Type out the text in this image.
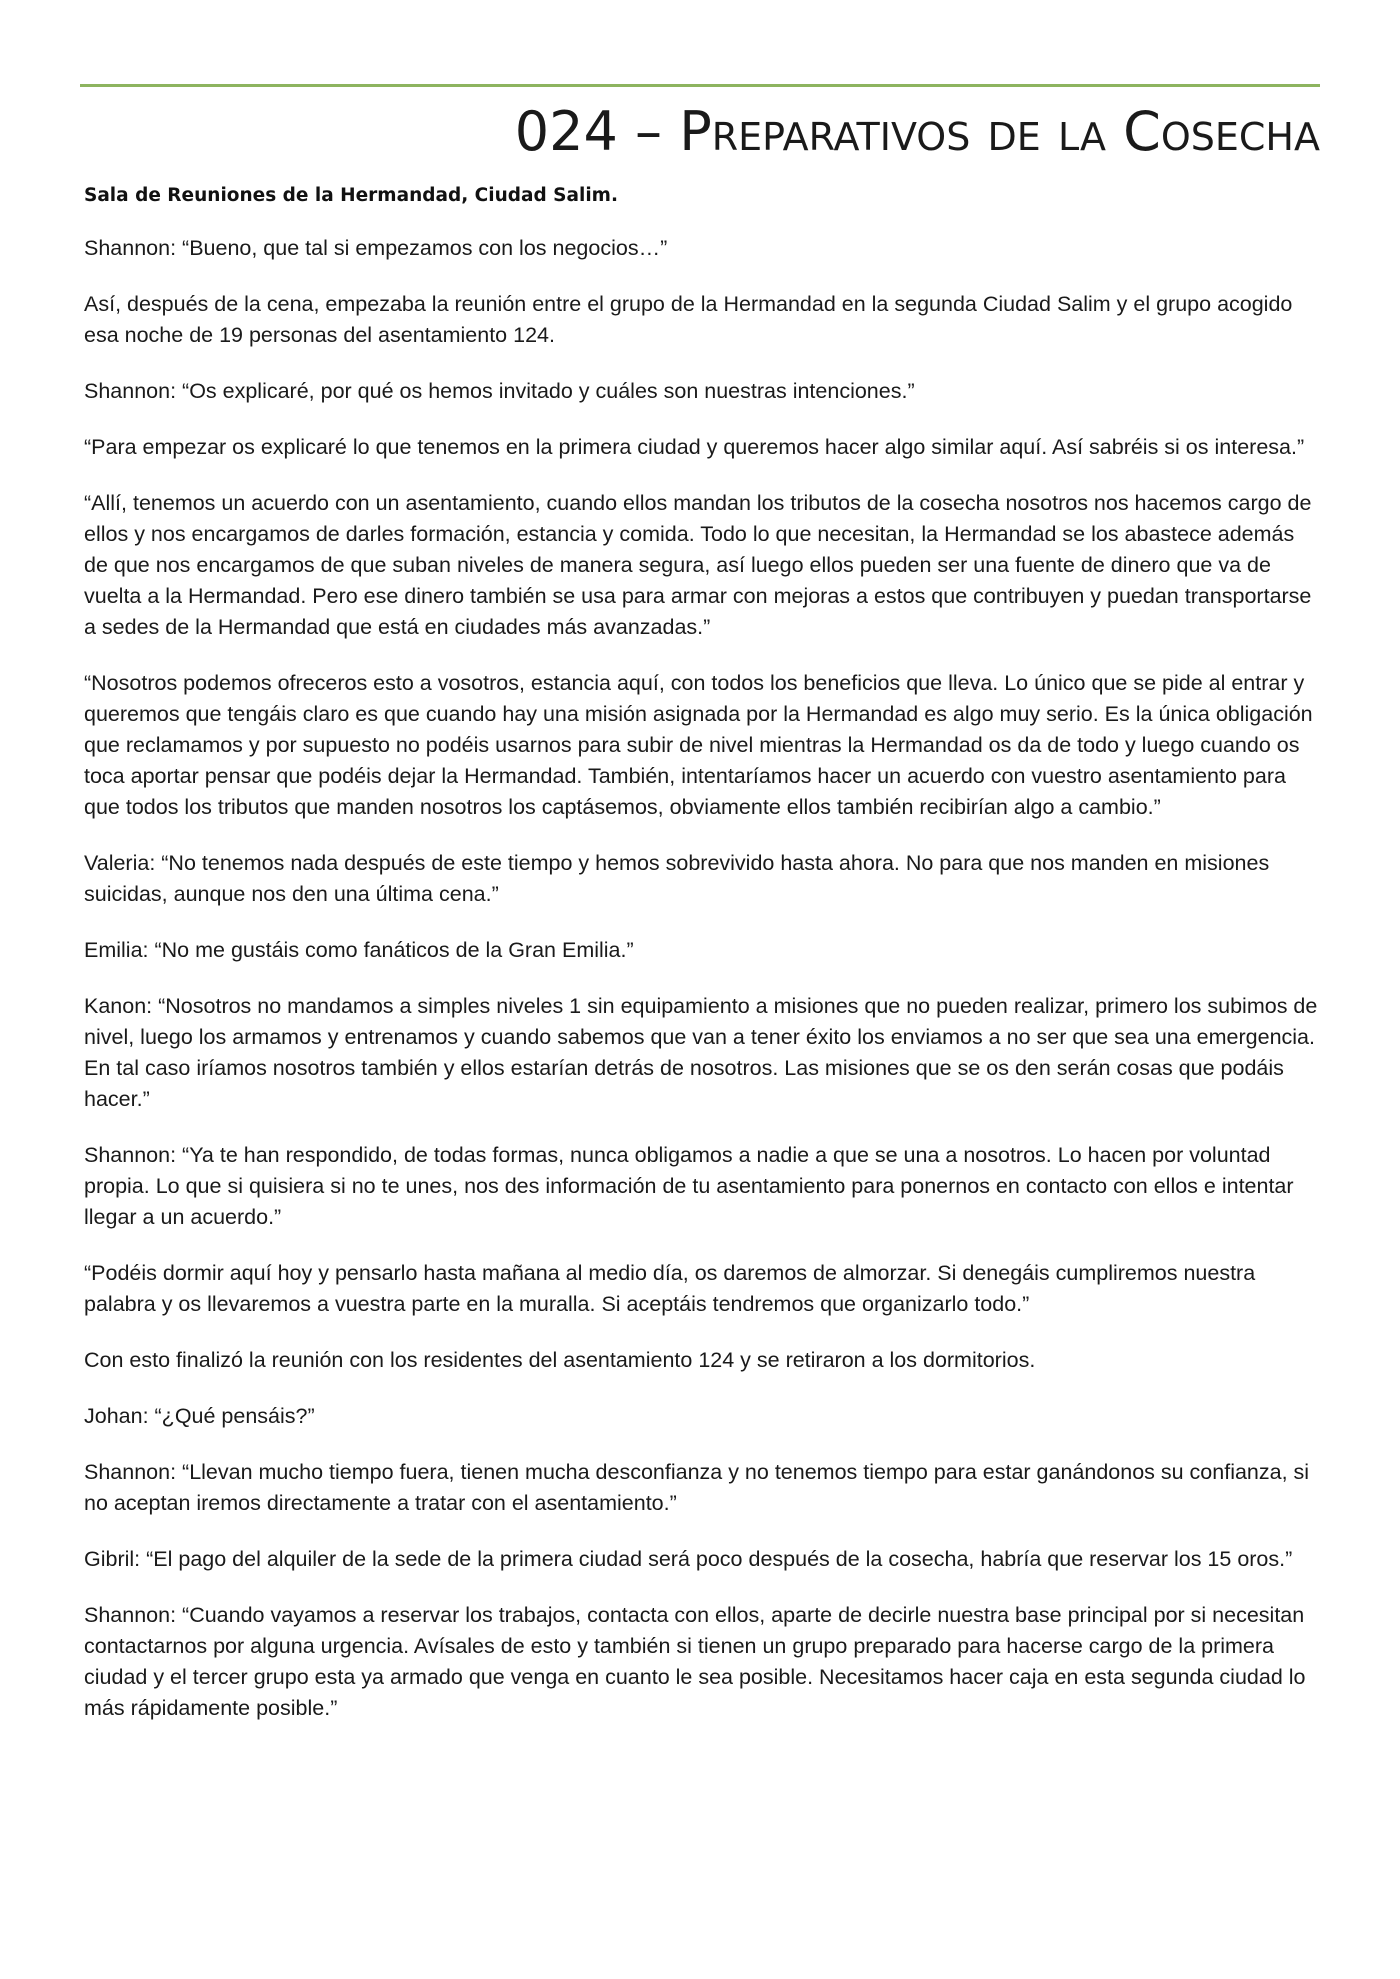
024 – Preparativos de la Cosecha

Sala de Reuniones de la Hermandad, Ciudad Salim.

Shannon: “Bueno, que tal si empezamos con los negocios…”

Así, después de la cena, empezaba la reunión entre el grupo de la Hermandad en la segunda Ciudad Salim y el grupo acogido esa noche de 19 personas del asentamiento 124.

Shannon: “Os explicaré, por qué os hemos invitado y cuáles son nuestras intenciones.”

“Para empezar os explicaré lo que tenemos en la primera ciudad y queremos hacer algo similar aquí. Así sabréis si os interesa.”

“Allí, tenemos un acuerdo con un asentamiento, cuando ellos mandan los tributos de la cosecha nosotros nos hacemos cargo de ellos y nos encargamos de darles formación, estancia y comida. Todo lo que necesitan, la Hermandad se los abastece además de que nos encargamos de que suban niveles de manera segura, así luego ellos pueden ser una fuente de dinero que va de vuelta a la Hermandad. Pero ese dinero también se usa para armar con mejoras a estos que contribuyen y puedan transportarse a sedes de la Hermandad que está en ciudades más avanzadas.”

“Nosotros podemos ofreceros esto a vosotros, estancia aquí, con todos los beneficios que lleva. Lo único que se pide al entrar y queremos que tengáis claro es que cuando hay una misión asignada por la Hermandad es algo muy serio. Es la única obligación que reclamamos y por supuesto no podéis usarnos para subir de nivel mientras la Hermandad os da de todo y luego cuando os toca aportar pensar que podéis dejar la Hermandad. También, intentaríamos hacer un acuerdo con vuestro asentamiento para que todos los tributos que manden nosotros los captásemos, obviamente ellos también recibirían algo a cambio.”

Valeria: “No tenemos nada después de este tiempo y hemos sobrevivido hasta ahora. No para que nos manden en misiones suicidas, aunque nos den una última cena.”

Emilia: “No me gustáis como fanáticos de la Gran Emilia.”

Kanon: “Nosotros no mandamos a simples niveles 1 sin equipamiento a misiones que no pueden realizar, primero los subimos de nivel, luego los armamos y entrenamos y cuando sabemos que van a tener éxito los enviamos a no ser que sea una emergencia. En tal caso iríamos nosotros también y ellos estarían detrás de nosotros. Las misiones que se os den serán cosas que podáis hacer.”

Shannon: “Ya te han respondido, de todas formas, nunca obligamos a nadie a que se una a nosotros. Lo hacen por voluntad propia. Lo que si quisiera si no te unes, nos des información de tu asentamiento para ponernos en contacto con ellos e intentar llegar a un acuerdo.”

“Podéis dormir aquí hoy y pensarlo hasta mañana al medio día, os daremos de almorzar. Si denegáis cumpliremos nuestra palabra y os llevaremos a vuestra parte en la muralla. Si aceptáis tendremos que organizarlo todo.”

Con esto finalizó la reunión con los residentes del asentamiento 124 y se retiraron a los dormitorios.

Johan: “¿Qué pensáis?”

Shannon: “Llevan mucho tiempo fuera, tienen mucha desconfianza y no tenemos tiempo para estar ganándonos su confianza, si no aceptan iremos directamente a tratar con el asentamiento.”

Gibril: “El pago del alquiler de la sede de la primera ciudad será poco después de la cosecha, habría que reservar los 15 oros.”

Shannon: “Cuando vayamos a reservar los trabajos, contacta con ellos, aparte de decirle nuestra base principal por si necesitan contactarnos por alguna urgencia. Avísales de esto y también si tienen un grupo preparado para hacerse cargo de la primera ciudad y el tercer grupo esta ya armado que venga en cuanto le sea posible. Necesitamos hacer caja en esta segunda ciudad lo más rápidamente posible.”
